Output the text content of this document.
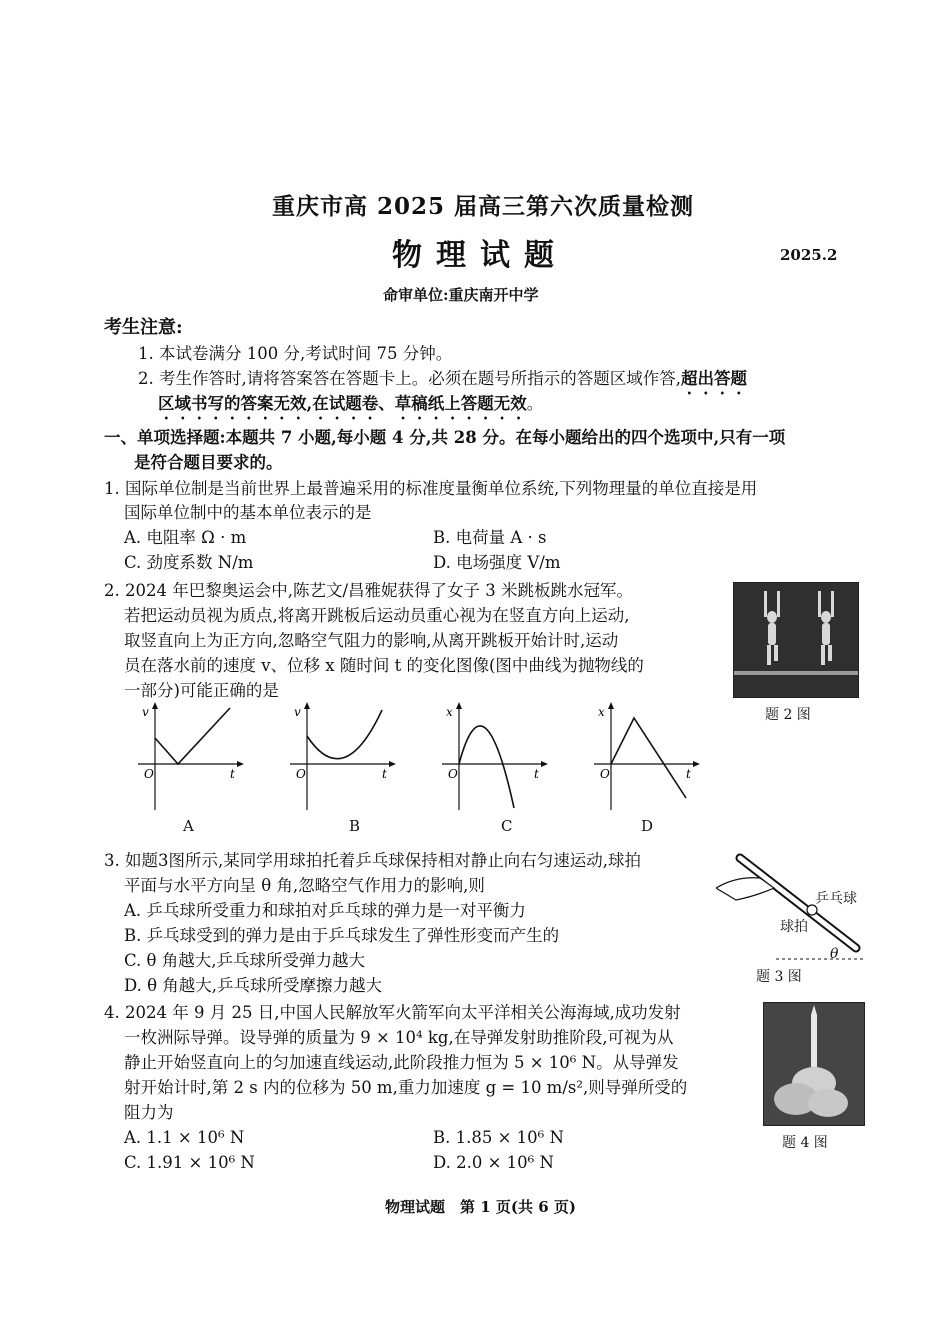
重庆市高 2025 届高三第六次质量检测
物理试题	2025.2
命审单位:重庆南开中学
考生注意:
1. 本试卷满分 100 分,考试时间 75 分钟。
2. 考生作答时,请将答案答在答题卡上。必须在题号所指示的答题区域作答,超出答题
区域书写的答案无效,在试题卷、草稿纸上答题无效。
一、单项选择题:本题共 7 小题,每小题 4 分,共 28 分。在每小题给出的四个选项中,只有一项
是符合题目要求的。
1. 国际单位制是当前世界上最普遍采用的标准度量衡单位系统,下列物理量的单位直接是用
国际单位制中的基本单位表示的是
A. 电阻率 Ω · m	B. 电荷量 A · s
C. 劲度系数 N/m	D. 电场强度 V/m
2. 2024 年巴黎奥运会中,陈艺文/昌雅妮获得了女子 3 米跳板跳水冠军。
若把运动员视为质点,将离开跳板后运动员重心视为在竖直方向上运动,
取竖直向上为正方向,忽略空气阻力的影响,从离开跳板开始计时,运动
员在落水前的速度 v、位移 x 随时间 t 的变化图像(图中曲线为抛物线的
一部分)可能正确的是
题 2 图
v
O	t
v
O	t
x
O	t
x
O	t
A	B	C	D
3. 如题3图所示,某同学用球拍托着乒乓球保持相对静止向右匀速运动,球拍
平面与水平方向呈 θ 角,忽略空气作用力的影响,则
A. 乒乓球所受重力和球拍对乒乓球的弹力是一对平衡力
B. 乒乓球受到的弹力是由于乒乓球发生了弹性形变而产生的
C. θ 角越大,乒乓球所受弹力越大
D. θ 角越大,乒乓球所受摩擦力越大
乒乓球
球拍
θ
题 3 图
4. 2024 年 9 月 25 日,中国人民解放军火箭军向太平洋相关公海海域,成功发射
一枚洲际导弹。设导弹的质量为 9 × 10⁴ kg,在导弹发射助推阶段,可视为从
静止开始竖直向上的匀加速直线运动,此阶段推力恒为 5 × 10⁶ N。从导弹发
射开始计时,第 2 s 内的位移为 50 m,重力加速度 g = 10 m/s²,则导弹所受的
阻力为
A. 1.1 × 10⁶ N	B. 1.85 × 10⁶ N
C. 1.91 × 10⁶ N	D. 2.0 × 10⁶ N
题 4 图
物理试题　第 1 页(共 6 页)
